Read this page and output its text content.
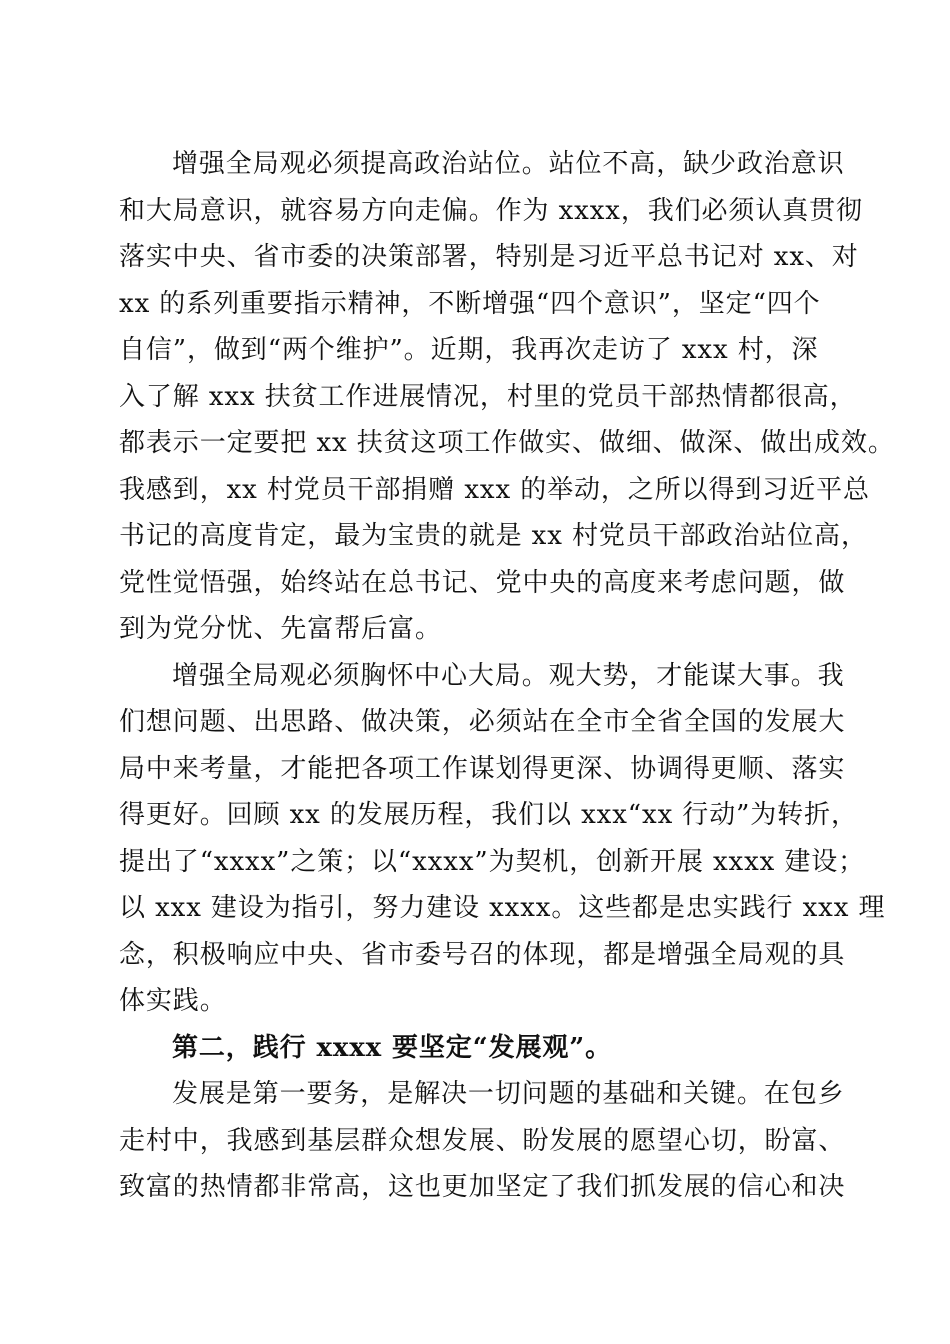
增强全局观必须提高政治站位。站位不高，缺少政治意识
和大局意识，就容易方向走偏。作为 xxxx，我们必须认真贯彻
落实中央、省市委的决策部署，特别是习近平总书记对 xx、对
xx 的系列重要指示精神，不断增强“四个意识”，坚定“四个
自信”，做到“两个维护”。近期，我再次走访了 xxx 村，深
入了解 xxx 扶贫工作进展情况，村里的党员干部热情都很高，
都表示一定要把 xx 扶贫这项工作做实、做细、做深、做出成效。
我感到，xx 村党员干部捐赠 xxx 的举动，之所以得到习近平总
书记的高度肯定，最为宝贵的就是 xx 村党员干部政治站位高，
党性觉悟强，始终站在总书记、党中央的高度来考虑问题，做
到为党分忧、先富帮后富。
增强全局观必须胸怀中心大局。观大势，才能谋大事。我
们想问题、出思路、做决策，必须站在全市全省全国的发展大
局中来考量，才能把各项工作谋划得更深、协调得更顺、落实
得更好。回顾 xx 的发展历程，我们以 xxx“xx 行动”为转折，
提出了“xxxx”之策；以“xxxx”为契机，创新开展 xxxx 建设；
以 xxx 建设为指引，努力建设 xxxx。这些都是忠实践行 xxx 理
念，积极响应中央、省市委号召的体现，都是增强全局观的具
体实践。
第二，践行 xxxx 要坚定“发展观”。
发展是第一要务，是解决一切问题的基础和关键。在包乡
走村中，我感到基层群众想发展、盼发展的愿望心切，盼富、
致富的热情都非常高，这也更加坚定了我们抓发展的信心和决
